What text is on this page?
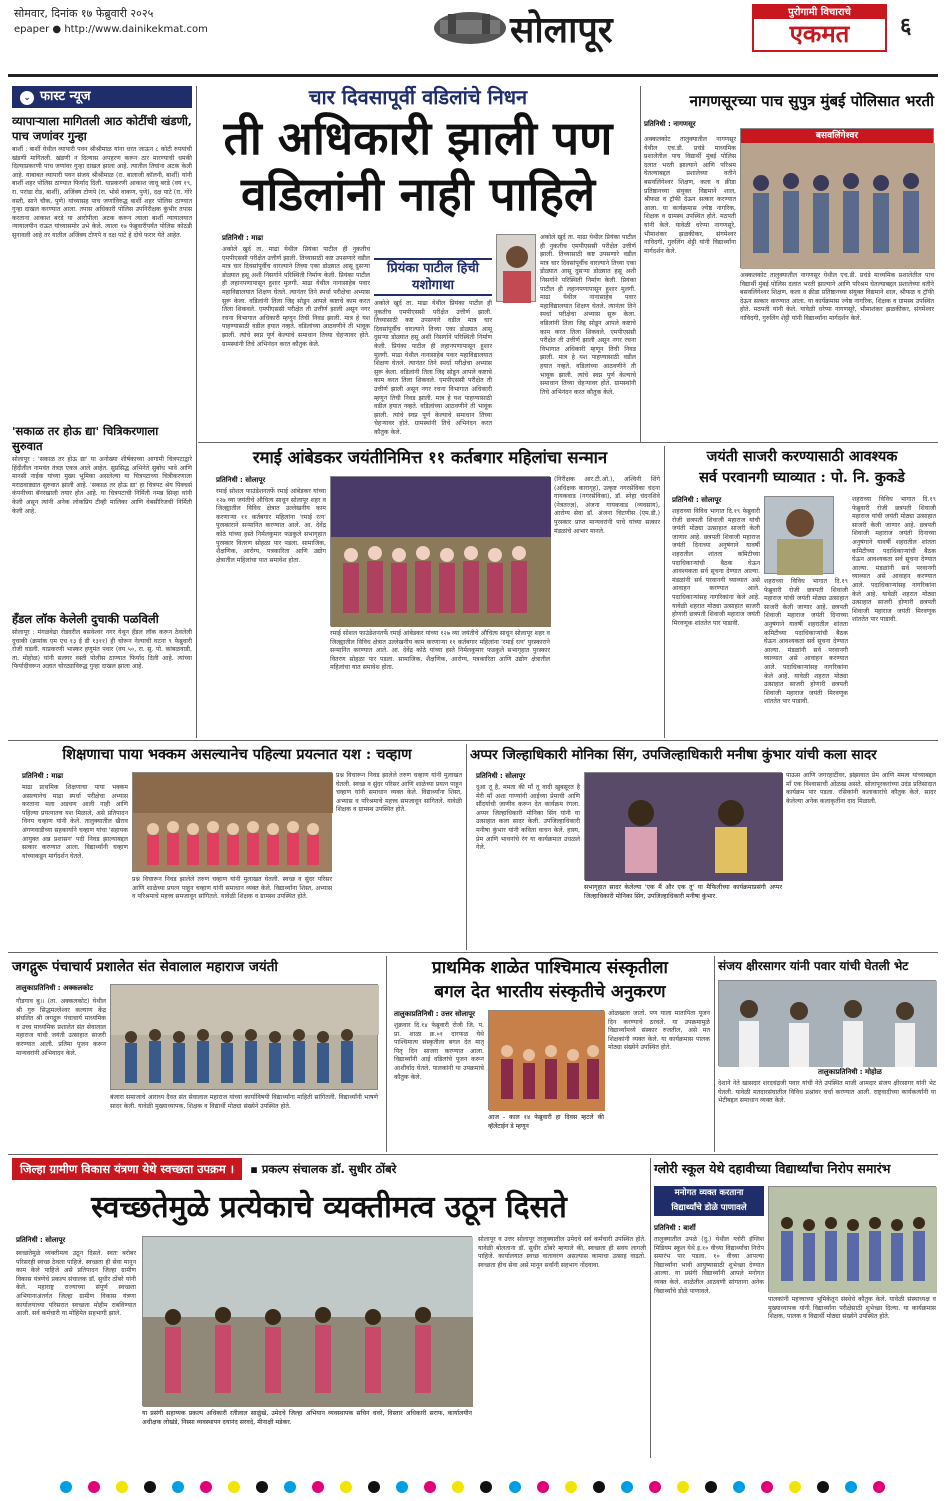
सोमवार, दिनांक १७ फेब्रुवारी २०२५
epaper ● http://www.dainikekmat.com	सोलापूर	पुरोगामी विचाराचे
एकमत	६
⌄ फास्ट न्यूज
व्यापाऱ्याला मागितली आठ कोटींची खंडणी, पाच जणांवर गुन्हा
बार्शी : बार्शी येथील व्यापारी पवन श्रीश्रीमाळ यांना धरत जाऊन ८ कोटी रुपयांची खंडणी मागितली. खंडणी न दिल्यास अपहरण करून ठार मारण्याची धमकी दिल्याप्रकरणी पाच जणांवर गुन्हा दाखल झाला आहे. त्यातील तिघांना अटक केली आहे. याबाबत व्यापारी पवन संजय श्रीश्रीमाळ (रा. बालाजी कॉलनी, बार्शी) यांनी बार्शी शहर पोलिस ठाण्यात फिर्याद दिली. याप्रकरणी आकाश जाधू बरडे (वय १९, रा. परांडा रोड, बार्शी), अजिंक्य टोणपे (रा. भोसे वाकण, पुणे), दक्ष पाटे (रा. गोरे वस्ती, साने चौक, पुणे) यांच्यासह पाच जणांविरुद्ध बार्शी शहर पोलिस ठाण्यात गुन्हा दाखल करण्यात आला. तपास अधिकारी पोलिस उपनिरीक्षक कुंभीर तपास करताना आकाश बरडे या आरोपीला अटक करून त्याला बार्शी न्यायालयात न्यायालयीन राऊत यांच्यासमोर उभे केले. त्याला १७ फेब्रुवारीपर्यंत पोलिस कोठडी सुनावली आहे तर यातील अजिंक्य टोणपे व दक्ष पाटे हे दोघे फरार येते आहेत.
'सकाळ तर होऊ द्या' चित्रिकरणाला सुरुवात
सोलापूर : 'सकाळ तर होऊ द्या' या अनोख्या शीर्षकाच्या आगामी चित्रपटाद्वारे हिंदीतील नामवंत तंत्रज्ञ एकत्र आले आहेत. सुप्रसिद्ध अभिनेते सुबोध भावे आणि मानसी नाईक यांच्या मुख्य भूमिका असलेल्या या चित्रपटाच्या चित्रीकरणाला मराठवाड्यात सुरुवात झाली आहे. 'सकाळ तर होऊ द्या' हा चित्रपट श्रेय पिक्चर्स कंपनीच्या बॅनरखाली तयार होत आहे. या चित्रपटाची निर्मिती नमन्न सिन्हा यांनी केली असून त्यांनी अनेक लोकप्रिय टीव्ही मालिका आणि वेबसीरिजची निर्मिती केली आहे.
हॅंडल लॉक केलेली दुचाकी पळविली
सोलापूर : मंगळवेढा रोडवरील बसवेश्वर नगर येथून हॅंडल लॉक करून ठेवलेली दुचाकी (क्रमांक एम एच १३ ई डी १३११) ही चोरून नेल्याची घटना ९ फेब्रुवारी रोजी घडली. याप्रकरणी भास्कर हणुमंत पवार (वय ५०, रा. सु. पो. कांबळवाडी, ता. मोहोळ) यांनी सलगर वस्ती पोलीस ठाण्यात फिर्याद दिली आहे. त्यांच्या फिर्यादीवरून अज्ञात चोरट्याविरुद्ध गुन्हा दाखल झाला आहे.
चार दिवसापूर्वी वडिलांचे निधन
ती अधिकारी झाली पण
वडिलांनी नाही पाहिले
प्रतिनिधी : माढा
अकोले खुर्द ता. माढा येथील प्रियंका पाटील ही नुकतीच एमपीएससी परीक्षेत उत्तीर्ण झाली. तिच्यासाठी कष्ट उपसणारे वडील मात्र चार दिवसांपूर्वीच वारल्याने तिच्या एका डोळ्यात आसू दुसऱ्या डोळ्यात हसू अशी निसर्गाने परिस्थिती निर्माण केली. प्रियंका पाटील ही लहानपणापासून हुशार मुलगी. माढा येथील नानासाहेब पवार महाविद्यालयात शिक्षण घेतले. त्यानंतर तिने स्पर्धा परीक्षेचा अभ्यास सुरू केला. वडिलांनी तिला जिद्द सोडून आपले कष्टाचे काम करत तिला शिकवले. एमपीएससी परीक्षेत ती उत्तीर्ण झाली असून नगर रचना विभागात अधिकारी म्हणून तिची निवड झाली. मात्र हे यश पाहण्यासाठी वडील हयात नव्हते. वडिलांच्या आठवणीने ती भावूक झाली. त्यांचे स्वप्न पूर्ण केल्याचे समाधान तिच्या चेहऱ्यावर होते. ग्रामस्थांनी तिचे अभिनंदन करत कौतुक केले.
प्रियंका पाटील हिची यशोगाथा
अकोले खुर्द ता. माढा येथील प्रियंका पाटील ही नुकतीच एमपीएससी परीक्षेत उत्तीर्ण झाली. तिच्यासाठी कष्ट उपसणारे वडील मात्र चार दिवसांपूर्वीच वारल्याने तिच्या एका डोळ्यात आसू दुसऱ्या डोळ्यात हसू अशी निसर्गाने परिस्थिती निर्माण केली. प्रियंका पाटील ही लहानपणापासून हुशार मुलगी. माढा येथील नानासाहेब पवार महाविद्यालयात शिक्षण घेतले. त्यानंतर तिने स्पर्धा परीक्षेचा अभ्यास सुरू केला. वडिलांनी तिला जिद्द सोडून आपले कष्टाचे काम करत तिला शिकवले. एमपीएससी परीक्षेत ती उत्तीर्ण झाली असून नगर रचना विभागात अधिकारी म्हणून तिची निवड झाली. मात्र हे यश पाहण्यासाठी वडील हयात नव्हते. वडिलांच्या आठवणीने ती भावूक झाली. त्यांचे स्वप्न पूर्ण केल्याचे समाधान तिच्या चेहऱ्यावर होते. ग्रामस्थांनी तिचे अभिनंदन करत कौतुक केले.
अकोले खुर्द ता. माढा येथील प्रियंका पाटील ही नुकतीच एमपीएससी परीक्षेत उत्तीर्ण झाली. तिच्यासाठी कष्ट उपसणारे वडील मात्र चार दिवसांपूर्वीच वारल्याने तिच्या एका डोळ्यात आसू दुसऱ्या डोळ्यात हसू अशी निसर्गाने परिस्थिती निर्माण केली. प्रियंका पाटील ही लहानपणापासून हुशार मुलगी. माढा येथील नानासाहेब पवार महाविद्यालयात शिक्षण घेतले. त्यानंतर तिने स्पर्धा परीक्षेचा अभ्यास सुरू केला. वडिलांनी तिला जिद्द सोडून आपले कष्टाचे काम करत तिला शिकवले. एमपीएससी परीक्षेत ती उत्तीर्ण झाली असून नगर रचना विभागात अधिकारी म्हणून तिची निवड झाली. मात्र हे यश पाहण्यासाठी वडील हयात नव्हते. वडिलांच्या आठवणीने ती भावूक झाली. त्यांचे स्वप्न पूर्ण केल्याचे समाधान तिच्या चेहऱ्यावर होते. ग्रामस्थांनी तिचे अभिनंदन करत कौतुक केले.
नागणसूरच्या पाच सुपुत्र मुंबई पोलिसात भरती
प्रतिनिधी : नागणसूर
बसवलिंगेश्वर
अक्कलकोट तालुक्यातील नागणसूर येथील एच.डी. प्रचंडे माध्यमिक प्रशालेतील पाच विद्यार्थी मुंबई पोलिस दलात भरती झाल्याने आणि परिश्रम घेतल्याबद्दल प्रशालेच्या वतीने बसवलिंगेश्वर शिक्षण, कला व क्रीडा प्रतिष्ठानच्या संयुक्त विद्यमाने शाल, श्रीफळ व ट्रॉफी देऊन सत्कार करण्यात आला. या कार्यक्रमास ज्येष्ठ नागरिक, शिक्षक व ग्रामस्थ उपस्थित होते. मठपती यांनी केले. यावेळी धरेप्पा नागणसूरे, भीमाशंकर झळकीकर, संगमेश्वर नाविदगी, गुरुलिंग शेट्टी यांनी विद्यार्थ्यांना मार्गदर्शन केले.
अक्कलकोट तालुक्यातील नागणसूर येथील एच.डी. प्रचंडे माध्यमिक प्रशालेतील पाच विद्यार्थी मुंबई पोलिस दलात भरती झाल्याने आणि परिश्रम घेतल्याबद्दल प्रशालेच्या वतीने बसवलिंगेश्वर शिक्षण, कला व क्रीडा प्रतिष्ठानच्या संयुक्त विद्यमाने शाल, श्रीफळ व ट्रॉफी देऊन सत्कार करण्यात आला. या कार्यक्रमास ज्येष्ठ नागरिक, शिक्षक व ग्रामस्थ उपस्थित होते. मठपती यांनी केले. यावेळी धरेप्पा नागणसूरे, भीमाशंकर झळकीकर, संगमेश्वर नाविदगी, गुरुलिंग शेट्टी यांनी विद्यार्थ्यांना मार्गदर्शन केले.
रमाई आंबेडकर जयंतीनिमित्त ११ कर्तबगार महिलांचा सन्मान
प्रतिनिधी : सोलापूर
रमाई सोशल फाउंडेशनतर्फे रमाई आंबेडकर यांच्या १२७ व्या जयंतीचे औचित्य साधून सोलापूर शहर व जिल्ह्यातील विविध क्षेत्रात उल्लेखनीय काम करणाऱ्या ११ कर्तबगार महिलांना 'रमाई रत्न' पुरस्काराने सन्मानित करण्यात आले. आ. देवेंद्र कोठे यांच्या हस्ते निर्मलकुमार फडकुले सभागृहात पुरस्कार वितरण सोहळा पार पडला. सामाजिक, शैक्षणिक, आरोग्य, पत्रकारिता आणि उद्योग क्षेत्रातील महिलांचा यात समावेश होता.
रमाई सोशल फाउंडेशनतर्फे रमाई आंबेडकर यांच्या १२७ व्या जयंतीचे औचित्य साधून सोलापूर शहर व जिल्ह्यातील विविध क्षेत्रात उल्लेखनीय काम करणाऱ्या ११ कर्तबगार महिलांना 'रमाई रत्न' पुरस्काराने सन्मानित करण्यात आले. आ. देवेंद्र कोठे यांच्या हस्ते निर्मलकुमार फडकुले सभागृहात पुरस्कार वितरण सोहळा पार पडला. सामाजिक, शैक्षणिक, आरोग्य, पत्रकारिता आणि उद्योग क्षेत्रातील महिलांचा यात समावेश होता.
(निरीक्षक आर.टी.ओ.), अश्विनी शिंगे (अधिक्षक कारागृह), उत्कृष्ट नगरसेविका चंदना गायकवाड (नगरसेविका), डॉ. स्नेहा चंदनशिवे (नेत्रतज्ज्ञ), अंजना गायकवाड (व्यवसाय), आरोग्य सेवा डॉ. अंजना चिटणीस (एम.डी.) पुरस्कार प्राप्त मान्यवरांनी पाचे यांच्या सत्कार मंडळांचे आभार मानले.
जयंती साजरी करण्यासाठी आवश्यक
सर्व परवानगी घ्याव्यात : पो. नि. कुकडे
प्रतिनिधी : सोलापूर
शहराच्या विविध भागात दि.१९ फेब्रुवारी रोजी छत्रपती शिवाजी महाराज यांची जयंती मोठ्या उत्साहात साजरी केली जाणार आहे. छत्रपती शिवाजी महाराज जयंती दिनाच्या अनुषंगाने यावर्षी शहरातील शांतता कमिटीच्या पदाधिकाऱ्यांची बैठक घेऊन आवश्यकता सर्व सूचना देण्यात आल्या. मंडळांनी सर्व परवानगी घ्याव्यात असे आवाहन करण्यात आले. पदाधिकाऱ्यांसह नागरिकांना केले आहे. यावेळी शहरात मोठ्या उत्साहात साजरी होणारी छत्रपती शिवाजी महाराज जयंती मिरवणूक शांततेत पार पाडावी.
शहराच्या विविध भागात दि.१९ फेब्रुवारी रोजी छत्रपती शिवाजी महाराज यांची जयंती मोठ्या उत्साहात साजरी केली जाणार आहे. छत्रपती शिवाजी महाराज जयंती दिनाच्या अनुषंगाने यावर्षी शहरातील शांतता कमिटीच्या पदाधिकाऱ्यांची बैठक घेऊन आवश्यकता सर्व सूचना देण्यात आल्या. मंडळांनी सर्व परवानगी घ्याव्यात असे आवाहन करण्यात आले. पदाधिकाऱ्यांसह नागरिकांना केले आहे. यावेळी शहरात मोठ्या उत्साहात साजरी होणारी छत्रपती शिवाजी महाराज जयंती मिरवणूक शांततेत पार पाडावी.
शहराच्या विविध भागात दि.१९ फेब्रुवारी रोजी छत्रपती शिवाजी महाराज यांची जयंती मोठ्या उत्साहात साजरी केली जाणार आहे. छत्रपती शिवाजी महाराज जयंती दिनाच्या अनुषंगाने यावर्षी शहरातील शांतता कमिटीच्या पदाधिकाऱ्यांची बैठक घेऊन आवश्यकता सर्व सूचना देण्यात आल्या. मंडळांनी सर्व परवानगी घ्याव्यात असे आवाहन करण्यात आले. पदाधिकाऱ्यांसह नागरिकांना केले आहे. यावेळी शहरात मोठ्या उत्साहात साजरी होणारी छत्रपती शिवाजी महाराज जयंती मिरवणूक शांततेत पार पाडावी.
शिक्षणाचा पाया भक्कम असल्यानेच पहिल्या प्रयत्नात यश : चव्हाण
प्रतिनिधी : माढा
माढा प्राथमिक शिक्षणाचा पाया भक्कम असल्यानेच माढा स्पर्धा परीक्षेचा अभ्यास करताना मला अडचण आली नाही आणि पहिल्या प्रयत्नातच यश मिळाले, असे प्रतिपादन विनय चव्हाण यांनी केले. तालुक्यातील खैराव अंगणवाडीच्या सहकार्याने चव्हाण यांचा 'सहायक आयुक्त अन्न प्रशासन' पदी निवड झाल्याबद्दल सत्कार करण्यात आला. विद्यार्थ्यांनी चव्हाण यांच्याकडून मार्गदर्शन घेतले.
प्रश्न विचारून निवड झालेले तरुण चव्हाण यांनी मुलाखत घेतली. स्वच्छ व सुंदर परिसर आणि शाळेच्या प्रयत्न पाहून चव्हाण यांनी समाधान व्यक्त केले. विद्यार्थ्यांना शिस्त, अभ्यास व परिश्रमाचे महत्त्व समजावून सांगितले. यावेळी शिक्षक व ग्रामस्थ उपस्थित होते.
प्रश्न विचारून निवड झालेले तरुण चव्हाण यांनी मुलाखत घेतली. स्वच्छ व सुंदर परिसर आणि शाळेच्या प्रयत्न पाहून चव्हाण यांनी समाधान व्यक्त केले. विद्यार्थ्यांना शिस्त, अभ्यास व परिश्रमाचे महत्त्व समजावून सांगितले. यावेळी शिक्षक व ग्रामस्थ उपस्थित होते.
अप्पर जिल्हाधिकारी मोनिका सिंग, उपजिल्हाधिकारी मनीषा कुंभार यांची कला सादर
प्रतिनिधी : सोलापूर
दुआ तू है, ममता की माँ तू वादी खुबसूरत है मेरी माँ अशा गाण्यांनी आईच्या प्रेमाची आणि सौंदर्याची जाणीव करून देत कार्यक्रम रंगला. अप्पर जिल्हाधिकारी मोनिका सिंग यांनी या उत्साहात कला सादर केली. उपजिल्हाधिकारी मनीषा कुंभार यांनी कविता वाचन केले. हास्य, प्रेम आणि भावनांचे रंग या कार्यक्रमात उधळले गेले.
सभागृहात सादर केलेल्या 'एक मैं और एक तू' या मैफिलीच्या कार्यक्रमाप्रसंगी अप्पर जिल्हाधिकारी मोनिका सिंग, उपजिल्हाधिकारी मनीषा कुंभार.
पाऊस आणि जगरहाटीवर, झंझावात प्रेम आणि ममत्व यांच्याबद्दल माँ एक विश्वासाची ओळख असते. सोलापूरकरांच्या उदंड प्रतिसादात कार्यक्रम पार पडला. रसिकांनी कलाकारांचे कौतुक केले. सादर केलेल्या अनेक कलाकृतींना दाद मिळाली.
जगद्गुरू पंचाचार्य प्रशालेत संत सेवालाल महाराज जयंती
तालुकाप्रतिनिधी : अक्कलकोट
गौडगाव बु।। (ता. अक्कलकोट) येथील श्री गुरु सिद्धमल्लेश्वर कल्याण केंद्र संचलित श्री जगद्गुरू पंचाचार्य माध्यमिक व उच्च माध्यमिक प्रशालेत संत सेवालाल महाराज यांची जयंती उत्साहात साजरी करण्यात आली. प्रतिमा पूजन करून मान्यवरांनी अभिवादन केले.
बंजारा समाजाचे आराध्य दैवत संत सेवालाल महाराज यांच्या कार्याविषयी विद्यार्थ्यांना माहिती सांगितली. विद्यार्थ्यांनी भाषणे सादर केली. यावेळी मुख्याध्यापक, शिक्षक व विद्यार्थी मोठ्या संख्येने उपस्थित होते.
प्राथमिक शाळेत पाश्चिमात्य संस्कृतीला
बगल देत भारतीय संस्कृतीचे अनुकरण
तालुकाप्रतिनिधी : उत्तर सोलापूर
शुक्रवार दि.१४ फेब्रुवारी रोजी जि. प. प्रा. शाळा क्र.०१ दारफळ येथे पाश्चिमात्य संस्कृतीला बगल देत मातृ पितृ दिन साजरा करण्यात आला. विद्यार्थ्यांनी आई वडिलांचे पूजन करून आशीर्वाद घेतले. पालकांनी या उपक्रमाचे कौतुक केले.
आज - काल १४ फेब्रुवारी हा दिवस म्हटले की व्हॅलेंटाईन डे म्हणून
ओळखला जातो. पण याला मातापिता पूजन दिन करण्याचे ठरवले. या उपक्रमामुळे विद्यार्थ्यांमध्ये संस्कार रुजतील, असे मत शिक्षकांनी व्यक्त केले. या कार्यक्रमास पालक मोठ्या संख्येने उपस्थित होते.
संजय क्षीरसागर यांनी पवार यांची घेतली भेट
तालुकाप्रतिनिधी : मोहोळ
देशाने नेते खासदार शरदचंद्रजी पवार यांची नेते उपस्थित माजी आमदार संजय क्षीरसागर यांनी भेट घेतली. यावेळी मतदारसंघातील विविध प्रश्नांवर चर्चा करण्यात आली. राष्ट्रवादीच्या कार्यकर्त्यांनी या भेटीबद्दल समाधान व्यक्त केले.
जिल्हा ग्रामीण विकास यंत्रणा येथे स्वच्छता उपक्रम ।	▪ प्रकल्प संचालक डॉ. सुधीर ठोंबरे
स्वच्छतेमुळे प्रत्येकाचे व्यक्तीमत्व उठून दिसते
प्रतिनिधी : सोलापूर
स्वच्छतेमुळे व्यक्तीमत्व उठून दिसते. स्वतः बरोबर परिसरही स्वच्छ ठेवला पाहिजे. स्वच्छता ही सेवा मानून काम केले पाहिजे असे प्रतिपादन जिल्हा ग्रामीण विकास यंत्रणेचे प्रकल्प संचालक डॉ. सुधीर ठोंबरे यांनी केले. महाराष्ट्र राज्याच्या संपूर्ण स्वच्छता अभियानाअंतर्गत जिल्हा ग्रामीण विकास यंत्रणा कार्यालयाच्या परिसरात स्वच्छता मोहीम राबविण्यात आली. सर्व कर्मचारी या मोहिमेत सहभागी झाले.
या प्रसंगी सहाय्यक प्रकल्प अधिकारी रतीलाल साळुंखे, उमेदचे जिल्हा अभियान व्यवस्थापक सचिन चवरे, विस्तार अधिकारी सराफ, कार्यालयीन अधीक्षक लोखंडे, निस्सा व्यवस्थापन दयानंद सरवदे, मीनाक्षी मडेकर.
सोलापूर व उत्तर सोलापूर तालुक्यातील उमेदचे सर्व कर्मचारी उपस्थित होते. यावेळी बोलताना डॉ. सुधीर ठोंबरे म्हणाले की, स्वच्छता ही सवय लागली पाहिजे. कार्यालयात स्वच्छ वातावरण असल्यास कामाचा उत्साह वाढतो. स्वच्छता हीच सेवा असे मानून सर्वांनी सहभाग नोंदवावा.
ग्लोरी स्कूल येथे दहावीच्या विद्यार्थ्यांचा निरोप समारंभ
मनोगत व्यक्त करताना
विद्यार्थ्यांचे डोळे पाणावले
प्रतिनिधी : बार्शी
तालुक्यातील उपळे (दु.) येथील ग्लोरी इंग्लिश मिडियम स्कूल येथे इ.१० वीच्या विद्यार्थ्यांचा निरोप समारंभ पार पडला. १० वीच्या आपल्या विद्यार्थ्यांना भावी आयुष्यासाठी शुभेच्छा देण्यात आल्या. या प्रसंगी विद्यार्थ्यांनी आपले मनोगत व्यक्त केले. शाळेतील आठवणी सांगताना अनेक विद्यार्थ्यांचे डोळे पाणावले.
पालकांनी महत्त्वाच्या भूमिकेतून संस्थेचे कौतुक केले. यावेळी संस्थाध्यक्ष व मुख्याध्यापक यांनी विद्यार्थ्यांना परीक्षेसाठी शुभेच्छा दिल्या. या कार्यक्रमास शिक्षक, पालक व विद्यार्थी मोठ्या संख्येने उपस्थित होते.
